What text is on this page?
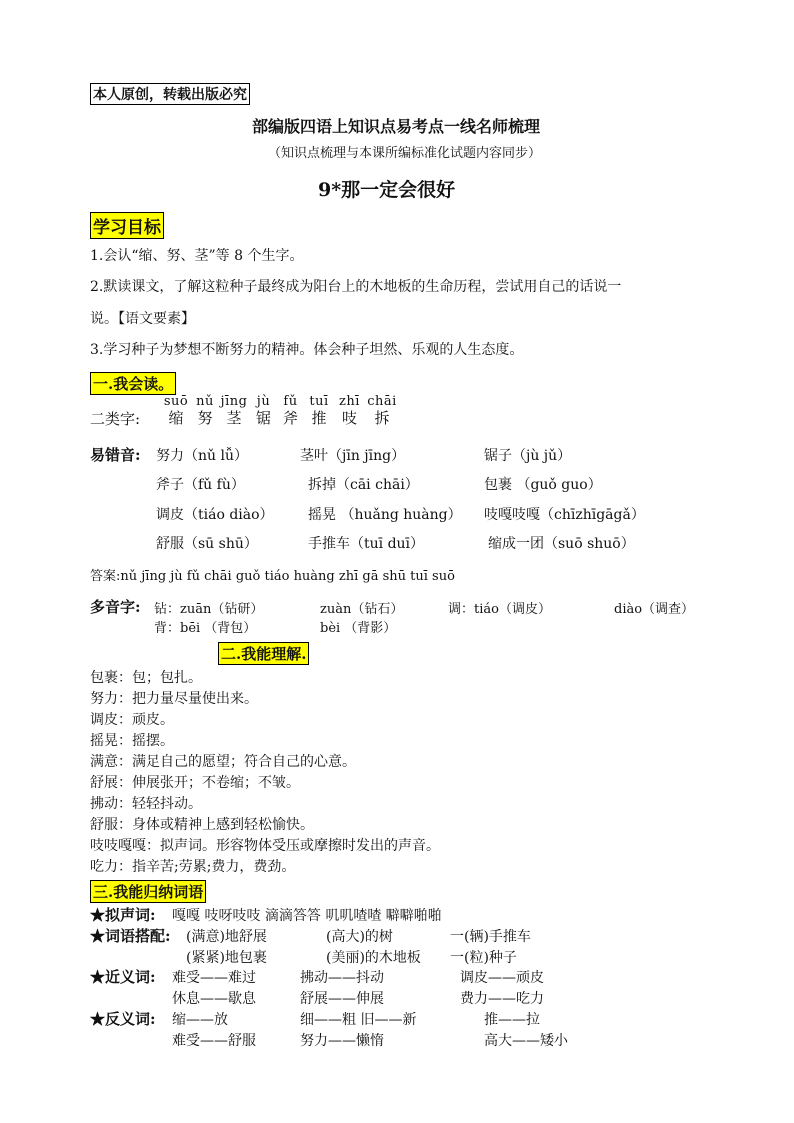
本人原创，转载出版必究
部编版四语上知识点易考点一线名师梳理
（知识点梳理与本课所编标准化试题内容同步）
9*那一定会很好
学习目标
1.会认“缩、努、茎”等 8 个生字。
2.默读课文，了解这粒种子最终成为阳台上的木地板的生命历程，尝试用自己的话说一
说。【语文要素】
3.学习种子为梦想不断努力的精神。体会种子坦然、乐观的人生态度。
一.我会读。
suō nǔ jīng jù fǔ tuī zhī chāi
二类字:	缩 努 茎 锯 斧 推 吱 拆
易错音: 努力（nǔ lǚ）	茎叶（jīn jīng）	锯子（jù jǔ）
斧子（fǔ fù）	拆掉（cāi chāi）	包裹 （guǒ guo）
调皮（tiáo diào） 摇晃 （huǎng huàng） 吱嘎吱嘎（chīzhīgāgǎ）
舒服（sū shū）	手推车（tuī duī）	缩成一团（suō shuō）
答案:nǔ jīng jù fǔ chāi guǒ tiáo huàng zhī gā shū tuī suō
多音字: 钻：zuān（钻研）	zuàn（钻石）	调：tiáo（调皮）	diào（调查）
背：bēi （背包）	bèi （背影）
二.我能理解.
包裹：包；包扎。
努力：把力量尽量使出来。
调皮：顽皮。
摇晃：摇摆。
满意：满足自己的愿望；符合自己的心意。
舒展：伸展张开；不卷缩；不皱。
拂动：轻轻抖动。
舒服：身体或精神上感到轻松愉快。
吱吱嘎嘎：拟声词。形容物体受压或摩擦时发出的声音。
吃力：指辛苦;劳累;费力，费劲。
三.我能归纳词语
★拟声词: 嘎嘎 吱呀吱吱 滴滴答答 叽叽喳喳 噼噼啪啪
★词语搭配: (满意)地舒展	(高大)的树	一(辆)手推车
(紧紧)地包裹	(美丽)的木地板 一(粒)种子
★近义词: 难受——难过	拂动——抖动	调皮——顽皮
休息——歇息	舒展——伸展	费力——吃力
★反义词: 缩——放	细——粗 旧——新	推——拉
难受——舒服	努力——懒惰	高大——矮小
